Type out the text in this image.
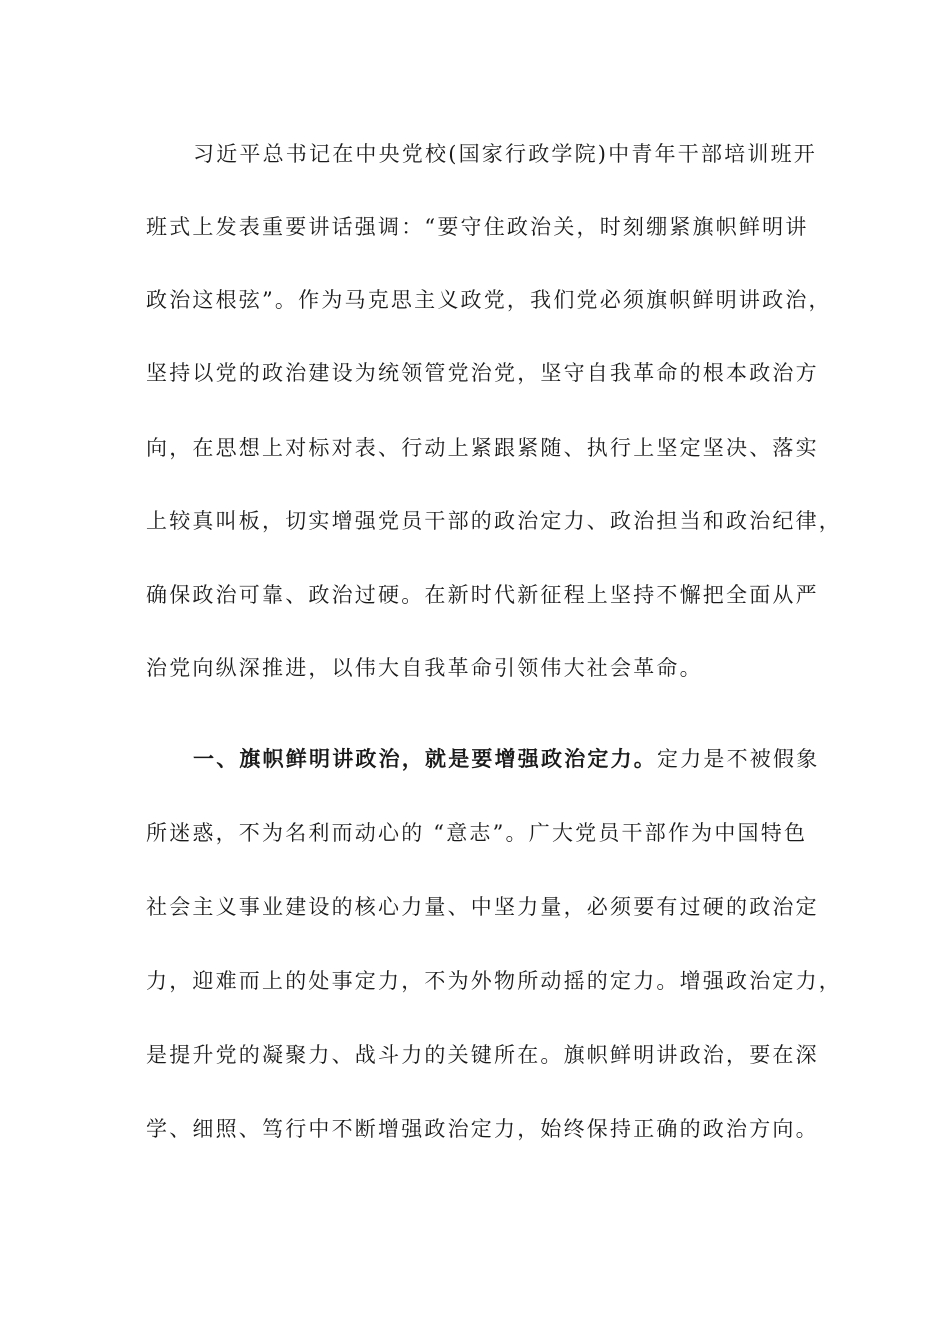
习近平总书记在中央党校(国家行政学院)中青年干部培训班开
班式上发表重要讲话强调：“要守住政治关，时刻绷紧旗帜鲜明讲
政治这根弦”。作为马克思主义政党，我们党必须旗帜鲜明讲政治，
坚持以党的政治建设为统领管党治党，坚守自我革命的根本政治方
向，在思想上对标对表、行动上紧跟紧随、执行上坚定坚决、落实
上较真叫板，切实增强党员干部的政治定力、政治担当和政治纪律，
确保政治可靠、政治过硬。在新时代新征程上坚持不懈把全面从严
治党向纵深推进，以伟大自我革命引领伟大社会革命。
一、旗帜鲜明讲政治，就是要增强政治定力。定力是不被假象
所迷惑，不为名利而动心的 “意志”。广大党员干部作为中国特色
社会主义事业建设的核心力量、中坚力量，必须要有过硬的政治定
力，迎难而上的处事定力，不为外物所动摇的定力。增强政治定力，
是提升党的凝聚力、战斗力的关键所在。旗帜鲜明讲政治，要在深
学、细照、笃行中不断增强政治定力，始终保持正确的政治方向。
